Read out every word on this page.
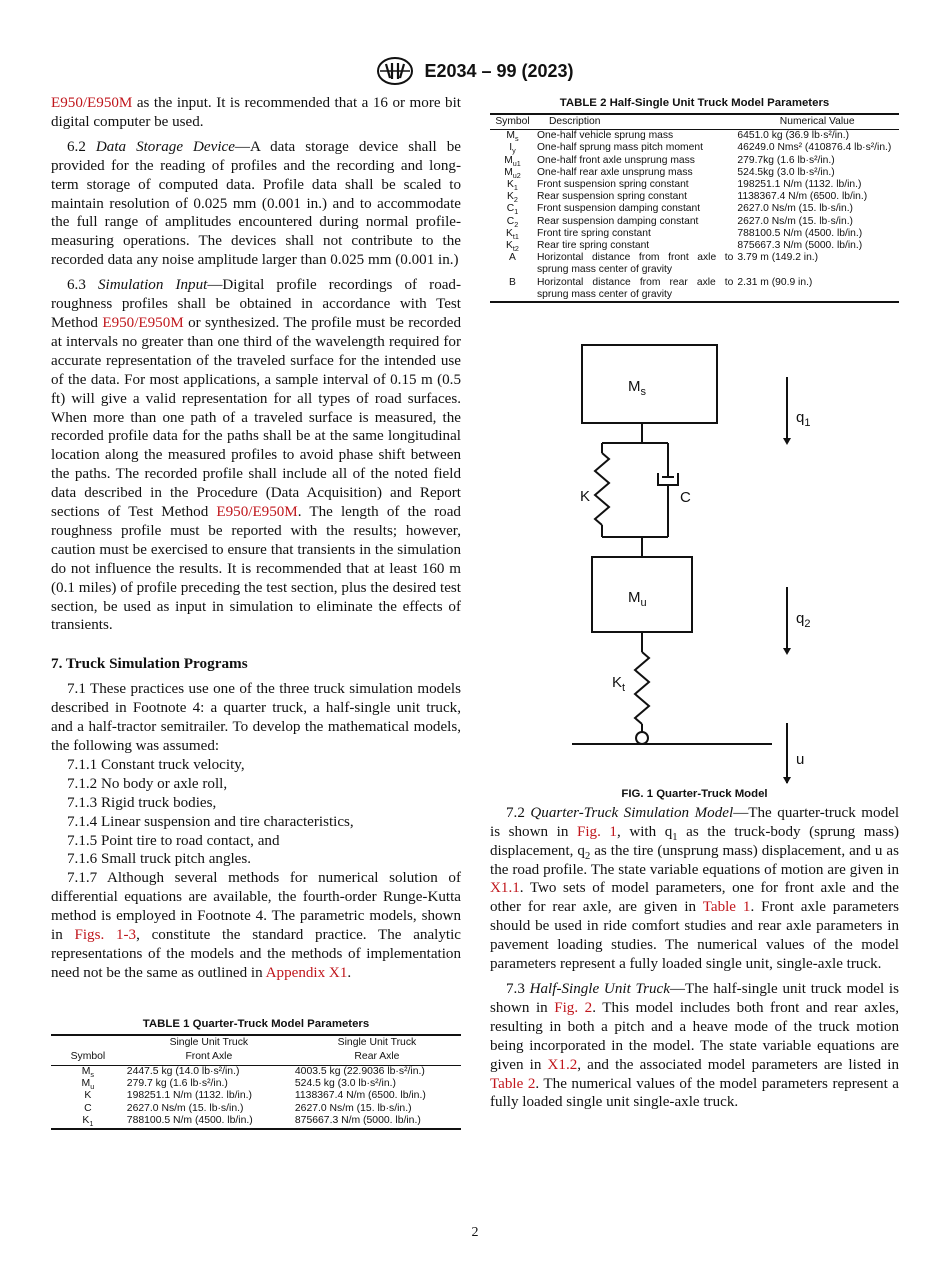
E2034 – 99 (2023)

E950/E950M as the input. It is recommended that a 16 or more bit digital computer be used.

6.2 Data Storage Device—A data storage device shall be provided for the reading of profiles and the recording and long-term storage of computed data. Profile data shall be scaled to maintain resolution of 0.025 mm (0.001 in.) and to accommodate the full range of amplitudes encountered during normal profile-measuring operations. The devices shall not contribute to the recorded data any noise amplitude larger than 0.025 mm (0.001 in.)

6.3 Simulation Input—Digital profile recordings of road-roughness profiles shall be obtained in accordance with Test Method E950/E950M or synthesized. The profile must be recorded at intervals no greater than one third of the wavelength required for accurate representation of the traveled surface for the intended use of the data. For most applications, a sample interval of 0.15 m (0.5 ft) will give a valid representation for all types of road surfaces. When more than one path of a traveled surface is measured, the recorded profile data for the paths shall be at the same longitudinal location along the measured profiles to avoid phase shift between the paths. The recorded profile shall include all of the noted field data described in the Procedure (Data Acquisition) and Report sections of Test Method E950/E950M. The length of the road roughness profile must be reported with the results; however, caution must be exercised to ensure that transients in the simulation do not influence the results. It is recommended that at least 160 m (0.1 miles) of profile preceding the test section, plus the desired test section, be used as input in simulation to eliminate the effects of transients.

7. Truck Simulation Programs

7.1 These practices use one of the three truck simulation models described in Footnote 4: a quarter truck, a half-single unit truck, and a half-tractor semitrailer. To develop the mathematical models, the following was assumed:

7.1.1 Constant truck velocity,

7.1.2 No body or axle roll,

7.1.3 Rigid truck bodies,

7.1.4 Linear suspension and tire characteristics,

7.1.5 Point tire to road contact, and

7.1.6 Small truck pitch angles.

7.1.7 Although several methods for numerical solution of differential equations are available, the fourth-order Runge-Kutta method is employed in Footnote 4. The parametric models, shown in Figs. 1-3, constitute the standard practice. The analytic representations of the models and the methods of implementation need not be the same as outlined in Appendix X1.

TABLE 1 Quarter-Truck Model Parameters

	Single Unit Truck	Single Unit Truck
Symbol	Front Axle	Rear Axle
$M_s$	2447.5 kg (14.0 lb·s²/in.)	4003.5 kg (22.9036 lb·s²/in.)
$M_u$	279.7 kg (1.6 lb·s²/in.)	524.5 kg (3.0 lb·s²/in.)
K	198251.1 N/m (1132. lb/in.)	1138367.4 N/m (6500. lb/in.)
C	2627.0 Ns/m (15. lb·s/in.)	2627.0 Ns/m (15. lb·s/in.)
$K_1$	788100.5 N/m (4500. lb/in.)	875667.3 N/m (5000. lb/in.)

TABLE 2 Half-Single Unit Truck Model Parameters

Symbol	Description	Numerical Value
$M_s$	One-half vehicle sprung mass	6451.0 kg (36.9 lb·s²/in.)
$I_y$	One-half sprung mass pitch moment	46249.0 Nms² (410876.4 lb·s²/in.)
$M_{u1}$	One-half front axle unsprung mass	279.7kg (1.6 lb·s²/in.)
$M_{u2}$	One-half rear axle unsprung mass	524.5kg (3.0 lb·s²/in.)
$K_1$	Front suspension spring constant	198251.1 N/m (1132. lb/in.)
$K_2$	Rear suspension spring constant	1138367.4 N/m (6500. lb/in.)
$C_1$	Front suspension damping constant	2627.0 Ns/m (15. lb·s/in.)
$C_2$	Rear suspension damping constant	2627.0 Ns/m (15. lb·s/in.)
$K_{t1}$	Front tire spring constant	788100.5 N/m (4500. lb/in.)
$K_{t2}$	Rear tire spring constant	875667.3 N/m (5000. lb/in.)
A	Horizontal distance from front axle to sprung mass center of gravity	3.79 m (149.2 in.)
B	Horizontal distance from rear axle to sprung mass center of gravity	2.31 m (90.9 in.)
$M_s$
K	C
$M_u$
$K_t$
$q_1$
$q_2$
u

FIG. 1 Quarter-Truck Model

7.2 Quarter-Truck Simulation Model—The quarter-truck model is shown in Fig. 1, with $q_1$ as the truck-body (sprung mass) displacement, $q_2$ as the tire (unsprung mass) displacement, and u as the road profile. The state variable equations of motion are given in X1.1. Two sets of model parameters, one for front axle and the other for rear axle, are given in Table 1. Front axle parameters should be used in ride comfort studies and rear axle parameters in pavement loading studies. The numerical values of the model parameters represent a fully loaded single unit, single-axle truck.

7.3 Half-Single Unit Truck—The half-single unit truck model is shown in Fig. 2. This model includes both front and rear axles, resulting in both a pitch and a heave mode of the truck motion being incorporated in the model. The state variable equations are given in X1.2, and the associated model parameters are listed in Table 2. The numerical values of the model parameters represent a fully loaded single unit single-axle truck.

2
